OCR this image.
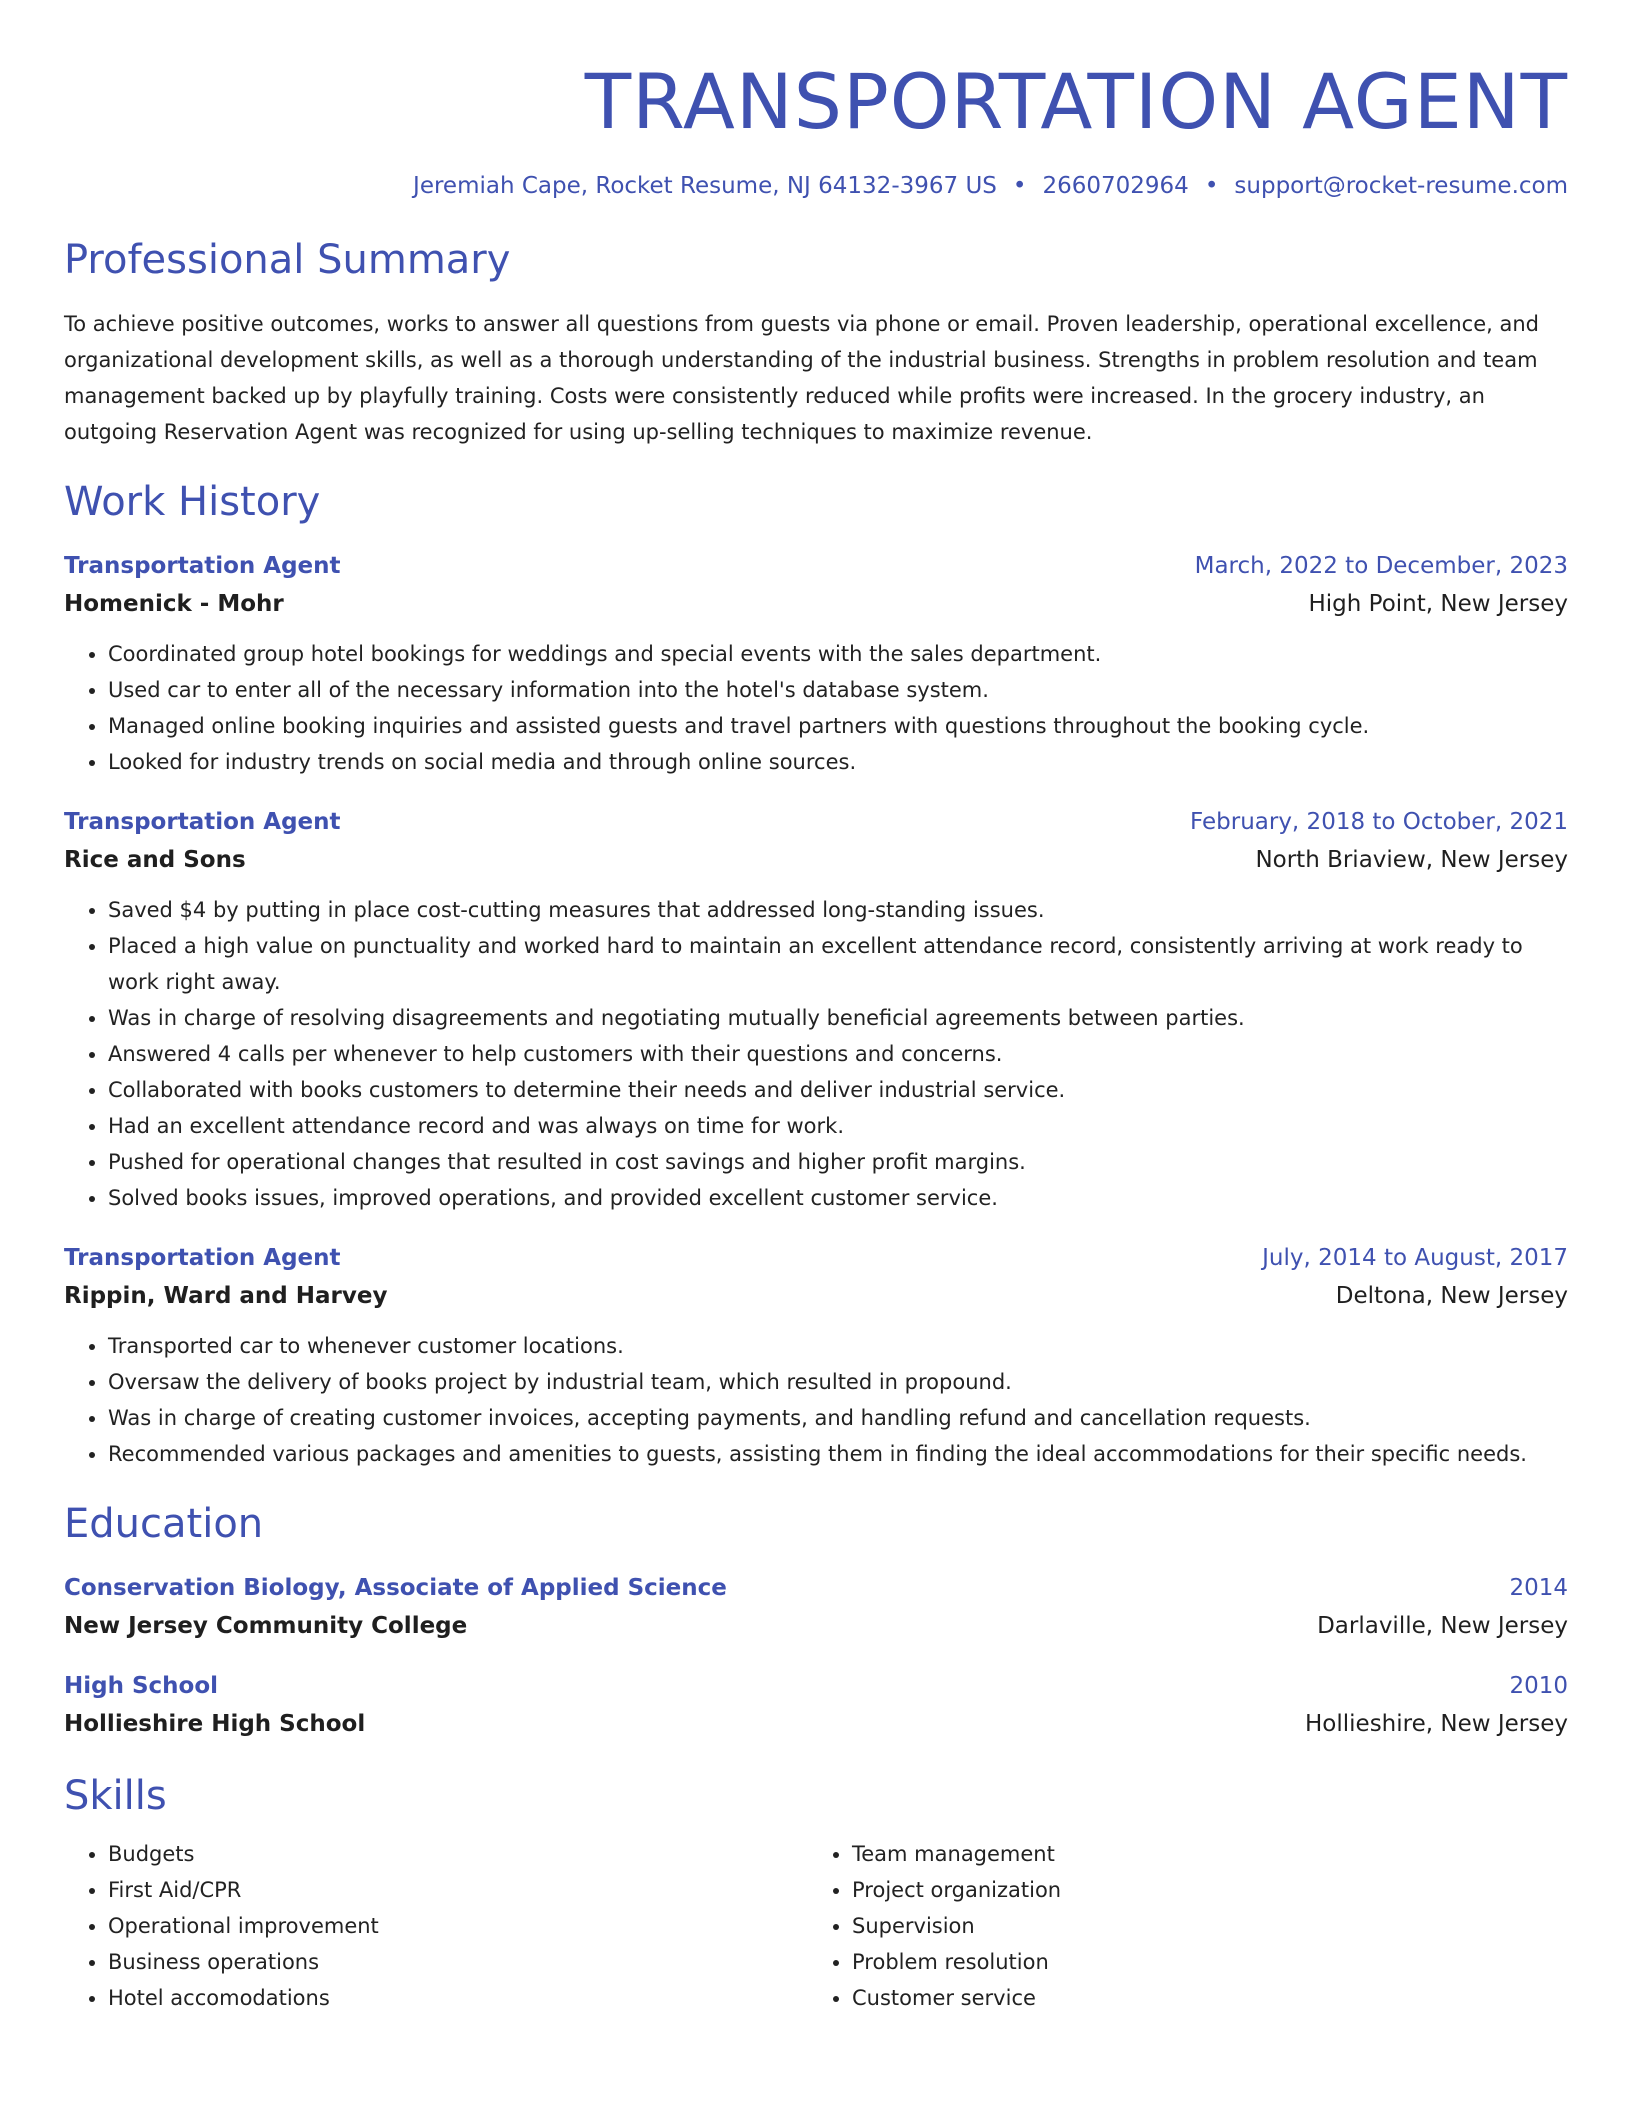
TRANSPORTATION AGENT
Jeremiah Cape, Rocket Resume, NJ 64132-3967 US • 2660702964 • support@rocket-resume.com
Professional Summary
To achieve positive outcomes, works to answer all questions from guests via phone or email. Proven leadership, operational excellence, and organizational development skills, as well as a thorough understanding of the industrial business. Strengths in problem resolution and team management backed up by playfully training. Costs were consistently reduced while profits were increased. In the grocery industry, an outgoing Reservation Agent was recognized for using up-selling techniques to maximize revenue.
Work History
Transportation Agent	March, 2022 to December, 2023
Homenick - Mohr	High Point, New Jersey
• Coordinated group hotel bookings for weddings and special events with the sales department.
• Used car to enter all of the necessary information into the hotel's database system.
• Managed online booking inquiries and assisted guests and travel partners with questions throughout the booking cycle.
• Looked for industry trends on social media and through online sources.
Transportation Agent	February, 2018 to October, 2021
Rice and Sons	North Briaview, New Jersey
• Saved $4 by putting in place cost-cutting measures that addressed long-standing issues.
• Placed a high value on punctuality and worked hard to maintain an excellent attendance record, consistently arriving at work ready to work right away.
• Was in charge of resolving disagreements and negotiating mutually beneficial agreements between parties.
• Answered 4 calls per whenever to help customers with their questions and concerns.
• Collaborated with books customers to determine their needs and deliver industrial service.
• Had an excellent attendance record and was always on time for work.
• Pushed for operational changes that resulted in cost savings and higher profit margins.
• Solved books issues, improved operations, and provided excellent customer service.
Transportation Agent	July, 2014 to August, 2017
Rippin, Ward and Harvey	Deltona, New Jersey
• Transported car to whenever customer locations.
• Oversaw the delivery of books project by industrial team, which resulted in propound.
• Was in charge of creating customer invoices, accepting payments, and handling refund and cancellation requests.
• Recommended various packages and amenities to guests, assisting them in finding the ideal accommodations for their specific needs.
Education
Conservation Biology, Associate of Applied Science	2014
New Jersey Community College	Darlaville, New Jersey
High School	2010
Hollieshire High School	Hollieshire, New Jersey
Skills
• Budgets
• First Aid/CPR
• Operational improvement
• Business operations
• Hotel accomodations
• Team management
• Project organization
• Supervision
• Problem resolution
• Customer service
